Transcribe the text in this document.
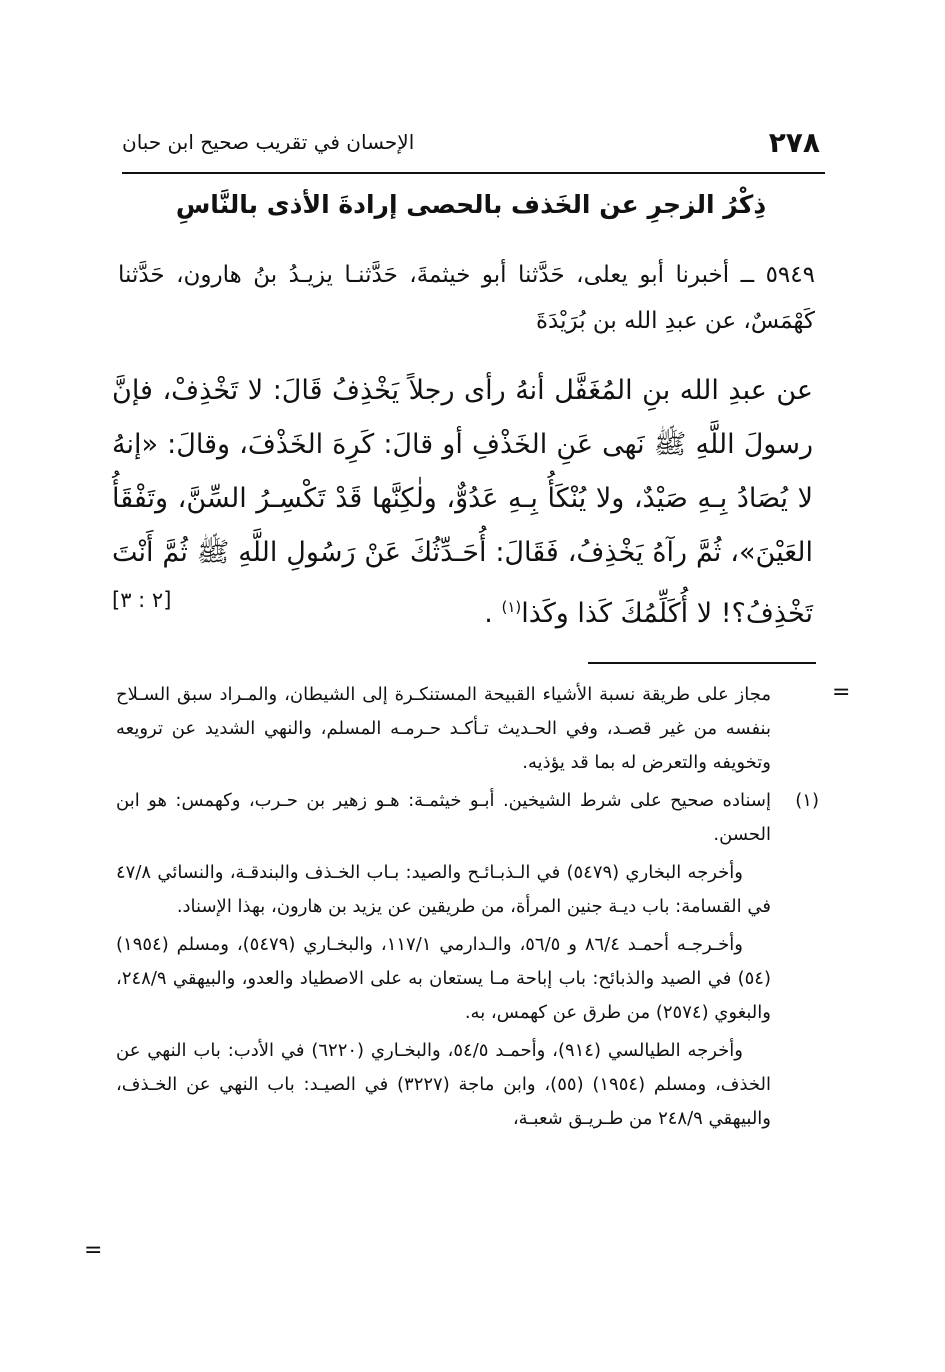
٢٧٨
الإحسان في تقريب صحيح ابن حبان
ذِكْرُ الزجرِ عن الخَذف بالحصى إرادةَ الأذى بالنَّاسِ
٥٩٤٩ ــ أخبرنا أبو يعلى، حَدَّثنا أبو خيثمةَ، حَدَّثنـا يزيـدُ بنُ هارون، حَدَّثنا كَهْمَسٌ، عن عبدِ الله بن بُرَيْدَةَ
عن عبدِ الله بنِ المُغَفَّل أنهُ رأى رجلاً يَخْذِفُ قَالَ: لا تَخْذِفْ، فإنَّ رسولَ اللَّهِ ﷺ نَهى عَنِ الخَذْفِ أو قالَ: كَرِهَ الخَذْفَ، وقالَ: «إنهُ لا يُصَادُ بِـهِ صَيْدٌ، ولا يُنْكَأُ بِـهِ عَدُوٌّ، ولٰكِنَّها قَدْ تَكْسِـرُ السِّنَّ، وتَفْقَأُ العَيْنَ»، ثُمَّ رآهُ يَخْذِفُ، فَقَالَ: أُحَـدِّثُكَ عَنْ رَسُولِ اللَّهِ ﷺ ثُمَّ أَنْتَ تَخْذِفُ؟! لا أُكَلِّمُكَ كَذا وكَذا$^{(١)}$ .
[٢ : ٣]
=
مجاز على طريقة نسبة الأشياء القبيحة المستنكـرة إلى الشيطان، والمـراد سبق السـلاح بنفسه من غير قصـد، وفي الحـديث تـأكـد حـرمـه المسلم، والنهي الشديد عن ترويعه وتخويفه والتعرض له بما قد يؤذيه.
(١)
إسناده صحيح على شرط الشيخين. أبـو خيثمـة: هـو زهير بن حـرب، وكهمس: هو ابن الحسن.
وأخرجه البخاري (٥٤٧٩) في الـذبـائـح والصيد: بـاب الخـذف والبندقـة، والنسائي ٤٧/٨ في القسامة: باب ديـة جنين المرأة، من طريقين عن يزيد بن هارون، بهذا الإسناد.
وأخـرجـه أحمـد ٨٦/٤ و ٥٦/٥، والـدارمي ١١٧/١، والبخـاري (٥٤٧٩)، ومسلم (١٩٥٤) (٥٤) في الصيد والذبائح: باب إباحة مـا يستعان به على الاصطياد والعدو، والبيهقي ٢٤٨/٩، والبغوي (٢٥٧٤) من طرق عن كهمس، به.
وأخرجه الطيالسي (٩١٤)، وأحمـد ٥٤/٥، والبخـاري (٦٢٢٠) في الأدب: باب النهي عن الخذف، ومسلم (١٩٥٤) (٥٥)، وابن ماجة (٣٢٢٧) في الصيـد: باب النهي عن الخـذف، والبيهقي ٢٤٨/٩ من طـريـق شعبـة،
=
